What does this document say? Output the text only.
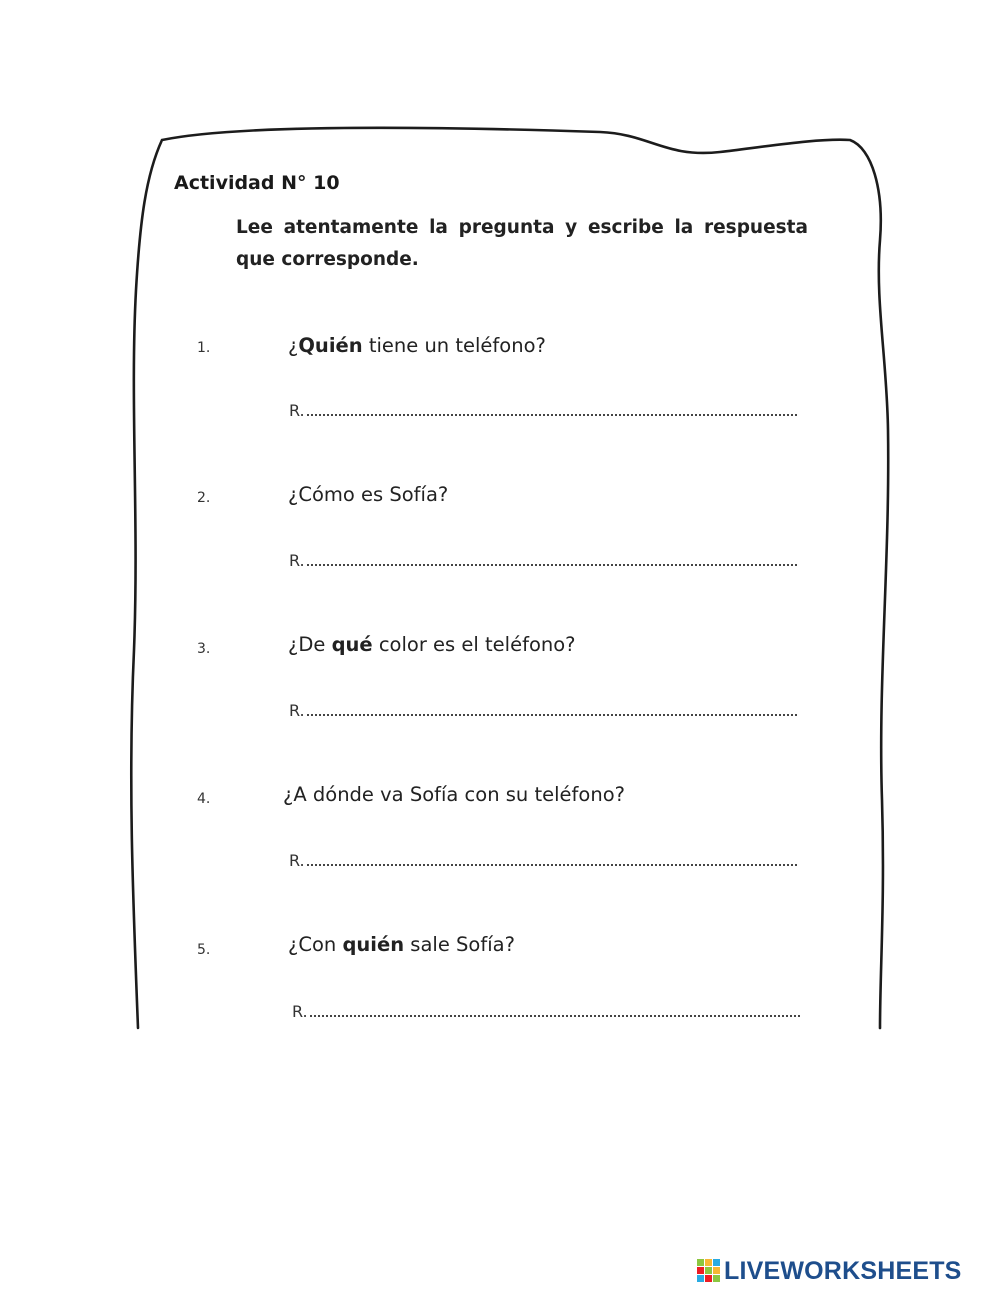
Actividad N° 10

Lee atentamente la pregunta y escribe la respuesta que corresponde.

1.	¿Quién tiene un teléfono?
R.
2.	¿Cómo es Sofía?
R.
3.	¿De qué color es el teléfono?
R.
4.	¿A dónde va Sofía con su teléfono?
R.
5.	¿Con quién sale Sofía?
R.
LIVEWORKSHEETS
